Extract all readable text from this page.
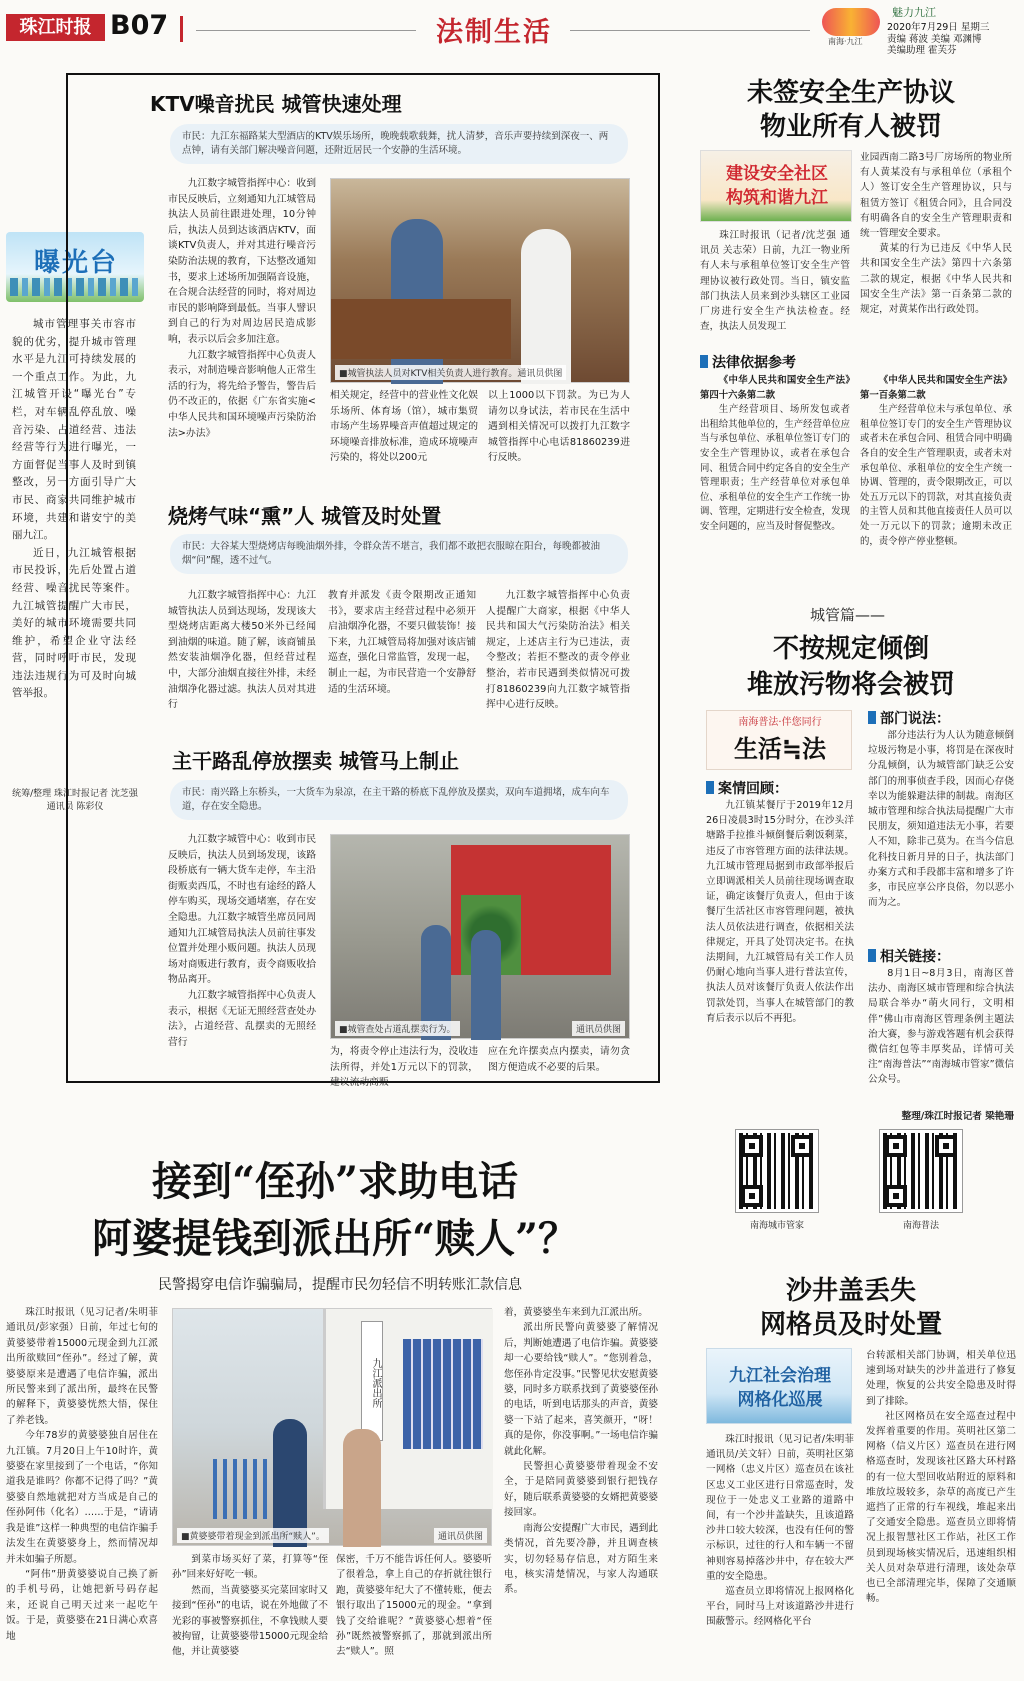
珠江时报 B07	法制生活	南海·九江
魅力九江
2020年7月29日 星期三
责编 蒋波 美编 邓渊博
美编助理 霍芙芬
曝光台

城市管理事关市容市貌的优劣，提升城市管理水平是九江可持续发展的一个重点工作。为此，九江城管开设“曝光台”专栏，对车辆乱停乱放、噪音污染、占道经营、违法经营等行为进行曝光，一方面督促当事人及时到镇整改，另一方面引导广大市民、商家共同维护城市环境，共建和谐安宁的美丽九江。

近日，九江城管根据市民投诉，先后处置占道经营、噪音扰民等案件。九江城管提醒广大市民，美好的城市环境需要共同维护，希望企业守法经营，同时呼吁市民，发现违法违规行为可及时向城管举报。

统筹/整理 珠江时报记者 沈芝强
通讯员 陈彩仪
KTV噪音扰民 城管快速处理
市民：九江东福路某大型酒店的KTV娱乐场所，晚晚载歌载舞，扰人清梦，音乐声要持续到深夜一、两点钟，请有关部门解决噪音问题，还附近居民一个安静的生活环境。

九江数字城管指挥中心：收到市民反映后，立刻通知九江城管局执法人员前往跟进处理，10分钟后，执法人员到达该酒店KTV，面谈KTV负责人，并对其进行噪音污染防治法规的教育，下达整改通知书，要求上述场所加强隔音设施，在合规合法经营的同时，将对周边市民的影响降到最低。当事人譬识到自己的行为对周边居民造成影响，表示以后会多加注意。

九江数字城管指挥中心负责人表示，对制造噪音影响他人正常生活的行为，将先给予警告，警告后仍不改正的，依据《广东省实施<中华人民共和国环境噪声污染防治法>办法》

■城管执法人员对KTV相关负责人进行教育。通讯员供图
相关规定，经营中的营业性文化娱乐场所、体育场（馆），城市集贸市场产生场界噪音声值超过规定的环境噪音排放标准，造成环境噪声污染的，将处以200元
以上1000以下罚款。为已为人请勿以身试法，若市民在生活中遇到相关情况可以拨打九江数字城管指挥中心电话81860239进行反映。
烧烤气味“熏”人 城管及时处置
市民：大谷某大型烧烤店每晚油烟外排，令群众苦不堪言，我们都不敢把衣服晾在阳台，每晚都被油烟“问”醒，透不过气。

九江数字城管指挥中心：九江城管执法人员到达现场，发现该大型烧烤店距离大楼50米外已经闻到油烟的味道。随了解，该商铺虽然安装油烟净化器，但经营过程中，大部分油烟直接往外排，未经油烟净化器过滤。执法人员对其进行

教育并派发《责令限期改正通知书》，要求店主经营过程中必须开启油烟净化器，不要只做装饰！接下来，九江城管局将加强对该店铺巡查，强化日常监管，发现一起，制止一起，为市民营造一个安静舒适的生活环境。

九江数字城管指挥中心负责人提醒广大商家，根据《中华人民共和国大气污染防治法》相关规定，上述店主行为已违法，责令整改；若拒不整改的责令停业整治，若市民遇到类似情况可拨打81860239向九江数字城管指挥中心进行反映。

主干路乱停放摆卖 城管马上制止
市民：南兴路上东桥头，一大货车为泉凉，在主干路的桥底下乱停放及摆卖，双向车道拥堵，成车向车道，存在安全隐患。

九江数字城管中心：收到市民反映后，执法人员到场发现，该路段桥底有一辆大货车走停，车主沿街贩卖西瓜，不时也有途经的路人停车购买，现场交通堵塞，存在安全隐患。九江数字城管坐席员同周通知九江城管局执法人员前往事发位置并处理小贩问题。执法人员现场对商贩进行教育，责令商贩收拾物品离开。

九江数字城管指挥中心负责人表示，根据《无证无照经营查处办法》，占道经营、乱摆卖的无照经营行

■城管查处占道乱摆卖行为。	通讯员供图
为，将责令停止违法行为，没收违法所得，并处1万元以下的罚款，建议流动商贩
应在允许摆卖点内摆卖，请勿贪图方便造成不必要的后果。
接到“侄孙”求助电话
阿婆提钱到派出所“赎人”？
民警揭穿电信诈骗骗局，提醒市民勿轻信不明转账汇款信息

珠江时报讯（见习记者/朱明菲 通讯员/彭家强）日前，年过七旬的黄婆婆带着15000元现金到九江派出所欲赎回“侄孙”。经过了解，黄婆婆原来是遭遇了电信诈骗，派出所民警来到了派出所，最终在民警的解释下，黄婆婆恍然大悟，保住了养老钱。

今年78岁的黄婆婆独自居住在九江镇。7月20日上午10时许，黄婆婆在家里接到了一个电话，“你知道我是谁吗？你都不记得了吗？”黄婆婆自然地就把对方当成是自己的侄孙阿伟（化名）……于是，“请请我是谁”这样一种典型的电信诈骗手法发生在黄婆婆身上，然而情况却并未如骗子所愿。

“阿伟”册黄婆婆说自己换了新的手机号码，让她把新号码存起来，还说自己明天过来一起吃午饭。于是，黄婆婆在21日满心欢喜地

九江派出所
■黄婆婆带着现金到派出所“赎人”。	通讯员供图

到菜市场买好了菜，打算等“侄孙”回来好好吃一顿。

然而，当黄婆婆买完菜回家时又接到“侄孙”的电话，说在外地做了不光彩的事被警察抓住，不拿钱赎人要被拘留，让黄婆婆带15000元现金给他，并让黄婆婆

保密，千万不能告诉任何人。婆婆听了很着急，拿上自己的存折就往银行跑，黄婆婆年纪大了不懂转账，便去银行取出了15000元的现金。“拿到钱了交给谁呢？”黄婆婆心想着“侄孙”既然被警察抓了，那就到派出所去“赎人”。照

着，黄婆婆坐车来到九江派出所。

派出所民警向黄婆婆了解情况后，判断她遭遇了电信诈骗。黄婆婆却一心要给钱“赎人”。“您别着急，您侄孙肯定没事。”民警见状安慰黄婆婆，同时多方联系找到了黄婆婆侄孙的电话，听到电话那头的声音，黄婆婆一下站了起来，喜笑颜开，“呀！真的是你，你没事啊。”一场电信诈骗就此化解。

民警担心黄婆婆带着现金不安全，于是陪同黄婆婆到银行把钱存好，随后联系黄婆婆的女婿把黄婆婆接回家。

南海公安提醒广大市民，遇到此类情况，首先要冷静，并且调查核实，切勿轻易存信息，对方陌生来电，核实清楚情况，与家人沟通联系。

未签安全生产协议
物业所有人被罚
建设安全社区
构筑和谐九江

珠江时报讯（记者/沈芝强 通讯员 关志荣）日前，九江一物业所有人未与承租单位签订安全生产管理协议被行政处罚。当日，镇安监部门执法人员来到沙头辖区工业园厂房进行安全生产执法检查。经查，执法人员发现工

业园西南二路3号厂房场所的物业所有人黄某没有与承租单位（承租个人）签订安全生产管理协议，只与租赁方签订《租赁合同》，且合同没有明确各自的安全生产管理职责和统一管理安全要求。

黄某的行为已违反《中华人民共和国安全生产法》第四十六条第二款的规定，根据《中华人民共和国安全生产法》第一百条第二款的规定，对黄某作出行政处罚。

法律依据参考

《中华人民共和国安全生产法》第四十六条第二款

生产经营项目、场所发包或者出租给其他单位的，生产经营单位应当与承包单位、承租单位签订专门的安全生产管理协议，或者在承包合同、租赁合同中约定各自的安全生产管理职责；生产经营单位对承包单位、承租单位的安全生产工作统一协调、管理，定期进行安全检查，发现安全问题的，应当及时督促整改。

《中华人民共和国安全生产法》第一百条第二款

生产经营单位未与承包单位、承租单位签订专门的安全生产管理协议或者未在承包合同、租赁合同中明确各自的安全生产管理职责，或者未对承包单位、承租单位的安全生产统一协调、管理的，责令限期改正，可以处五万元以下的罚款，对其直接负责的主管人员和其他直接责任人员可以处一万元以下的罚款；逾期未改正的，责令停产停业整顿。

城管篇——
不按规定倾倒
堆放污物将会被罚
南海普法·伴您同行
生活≒法
部门说法：

部分违法行为人认为随意倾倒垃圾污物是小事，将罚是在深夜时分乱倾倒，认为城管部门缺乏公安部门的刑事侦查手段，因而心存侥幸以为能躲避法律的制裁。南海区城市管理和综合执法局提醒广大市民朋友，须知道违法无小事，若要人不知，除非己莫为。在当今信息化科技日新月异的日子，执法部门办案方式和手段都丰富和增多了许多，市民应享公序良俗，勿以恶小而为之。

案情回顾：

九江镇某餐厅于2019年12月26日凌晨3时15分时分，在沙头洋塘路手拉推斗倾倒餐后剩饭剩菜，违反了市容管理方面的法律法规。九江城市管理局据到市政部举报后立即调派相关人员前往现场调查取证，确定该餐厅负责人，但由于该餐厅生活社区市容管理问题，被执法人员依法进行调查，依据相关法律规定，开具了处罚决定书。在执法期间，九江城管局有关工作人员仍耐心地向当事人进行普法宣传，执法人员对该餐厅负责人依法作出罚款处罚，当事人在城管部门的教育后表示以后不再犯。

相关链接：

8月1日~8月3日，南海区普法办、南海区城市管理和综合执法局联合举办“萌火同行，文明相伴”佛山市南海区管理条例主题法治大赛，参与游戏答题有机会获得微信红包等丰厚奖品，详情可关注“南海普法”“南海城市管家”微信公众号。

整理/珠江时报记者 梁艳珊
南海城市管家	南海普法
沙井盖丢失
网格员及时处置
九江社会治理
网格化巡展

珠江时报讯（见习记者/朱明菲 通讯员/关文轩）日前，英明社区第一网格（忠义片区）巡查员在该社区忠义工业区进行日常巡查时，发现位于一处忠义工业路的道路中间，有一个沙井盖缺失，且该道路沙井口较大较深，也没有任何的警示标识，过往的行人和车辆一不留神则容易掉落沙井中，存在较大严重的安全隐患。

巡查员立即将情况上报网格化平台，同时马上对该道路沙井进行围蔽警示。经网格化平台

台转派相关部门协调，相关单位迅速到场对缺失的沙井盖进行了修复处理，恢复的公共安全隐患及时得到了排除。

社区网格员在安全巡查过程中发挥着重要的作用。英明社区第二网格（信义片区）巡查员在进行网格巡查时，发现该社区路大环村路的有一位大型回收站附近的原料和堆放垃圾较多，杂草的高度已产生遮挡了正常的行车视线，堆起来出了交通安全隐患。巡查员立即将情况上报智慧社区工作站，社区工作员到现场核实情况后，迅速组织相关人员对杂草进行清理，该处杂草也已全部清理完毕，保障了交通顺畅。
